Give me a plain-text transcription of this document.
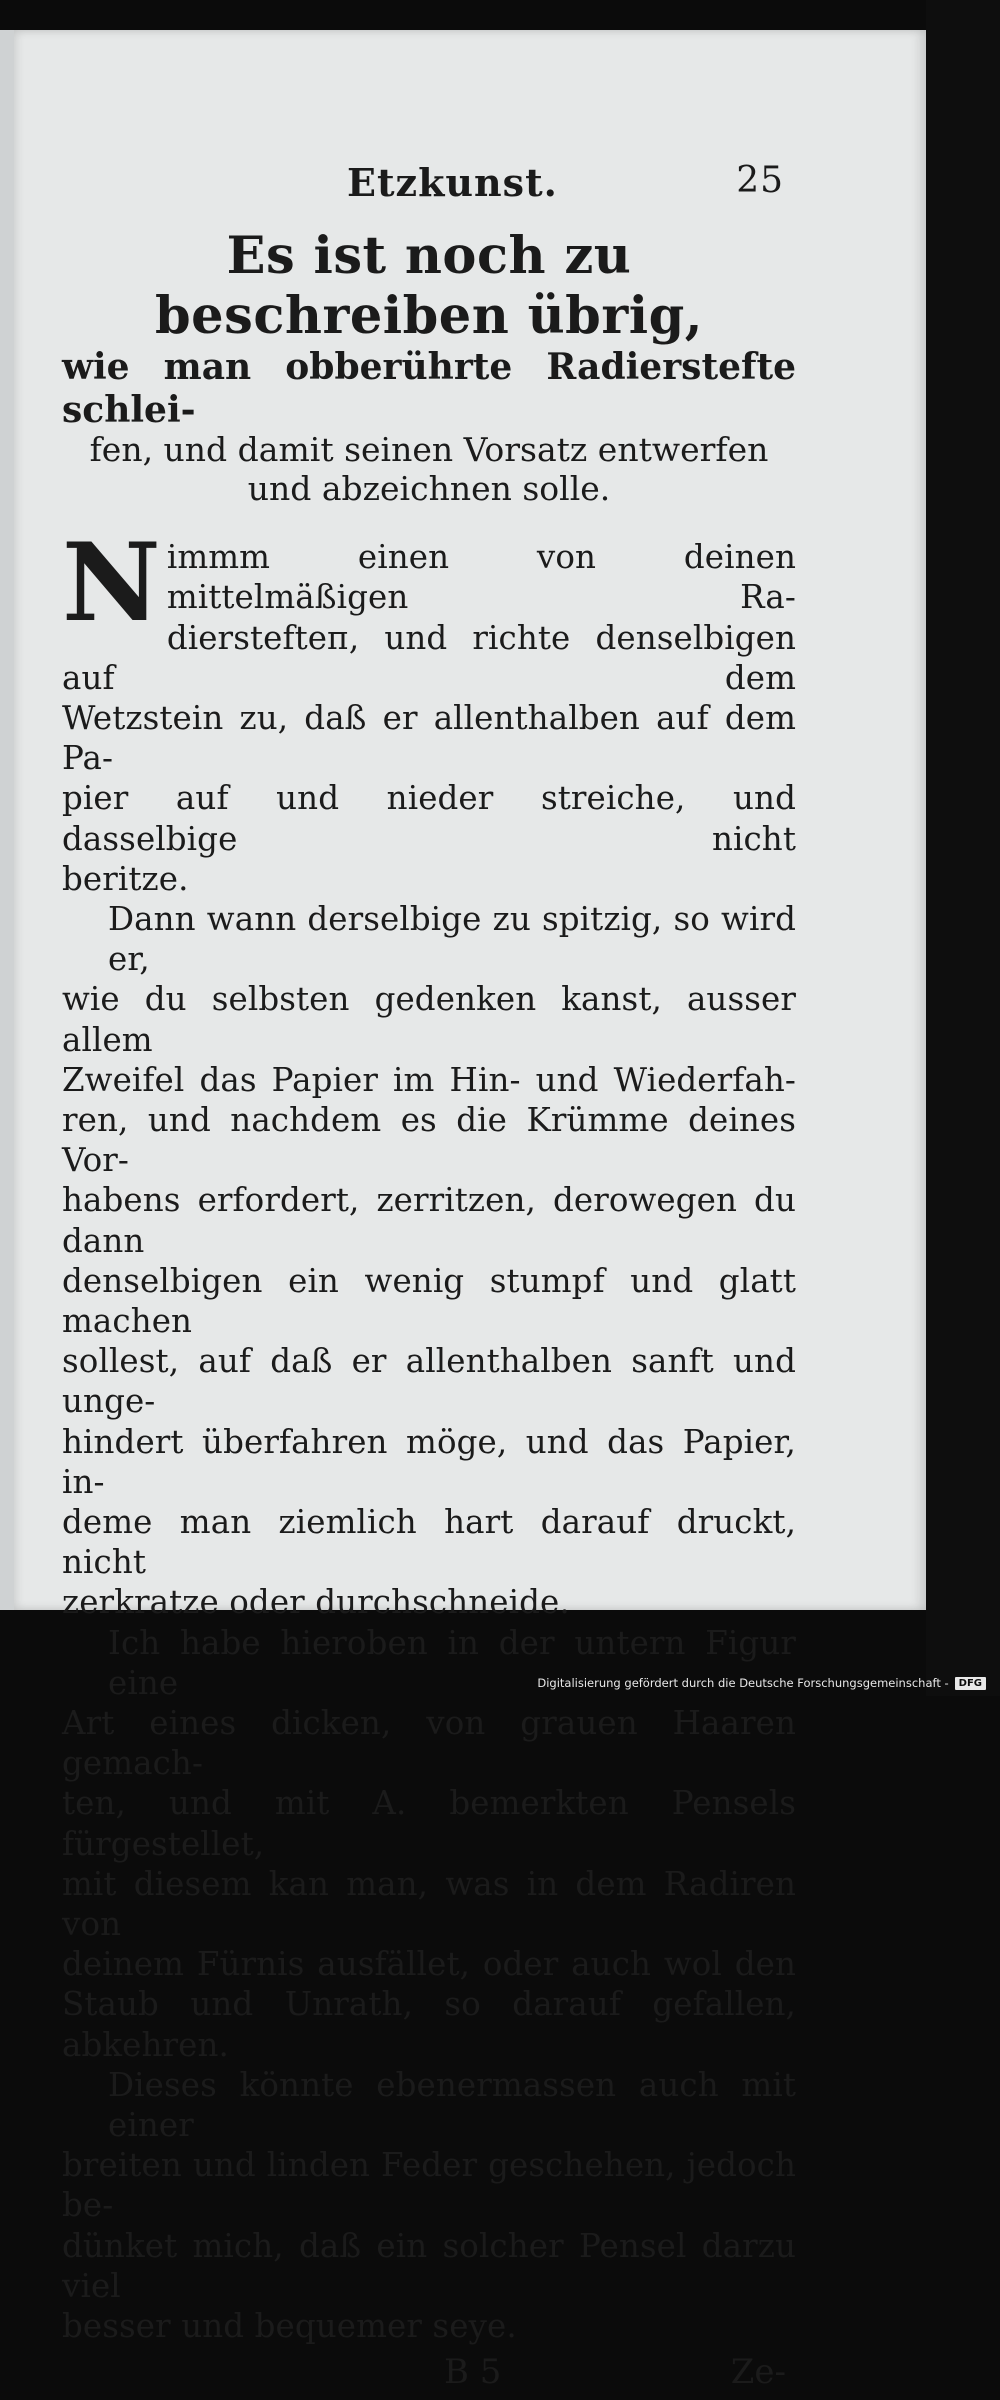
Etzkunst.	25
Es ist noch zu beschreiben übrig,
wie man obberührte Radierstefte schlei-
fen, und damit seinen Vorsatz entwerfen
und abzeichnen solle.

N immm einen von deinen mittelmäßigen Ra-
dierstefteп, und richte denselbigen auf dem
Wetzstein zu, daß er allenthalben auf dem Pa-
pier auf und nieder streiche, und dasselbige nicht
beritze.

Dann wann derselbige zu spitzig, so wird er,
wie du selbsten gedenken kanst, ausser allem
Zweifel das Papier im Hin- und Wiederfah-
ren, und nachdem es die Krümme deines Vor-
habens erfordert, zerritzen, derowegen du dann
denselbigen ein wenig stumpf und glatt machen
sollest, auf daß er allenthalben sanft und unge-
hindert überfahren möge, und das Papier, in-
deme man ziemlich hart darauf druckt, nicht
zerkratze oder durchschneide.

Ich habe hieroben in der untern Figur eine
Art eines dicken, von grauen Haaren gemach-
ten, und mit A. bemerkten Pensels fürgestellet,
mit diesem kan man, was in dem Radiren von
deinem Fürnis ausfället, oder auch wol den
Staub und Unrath, so darauf gefallen, abkehren.

Dieses könnte ebenermassen auch mit einer
breiten und linden Feder geschehen, jedoch be-
dünket mich, daß ein solcher Pensel darzu viel
besser und bequemer seye.

B 5	Ze-
Digitalisierung gefördert durch die Deutsche Forschungsgemeinschaft -	DFG
